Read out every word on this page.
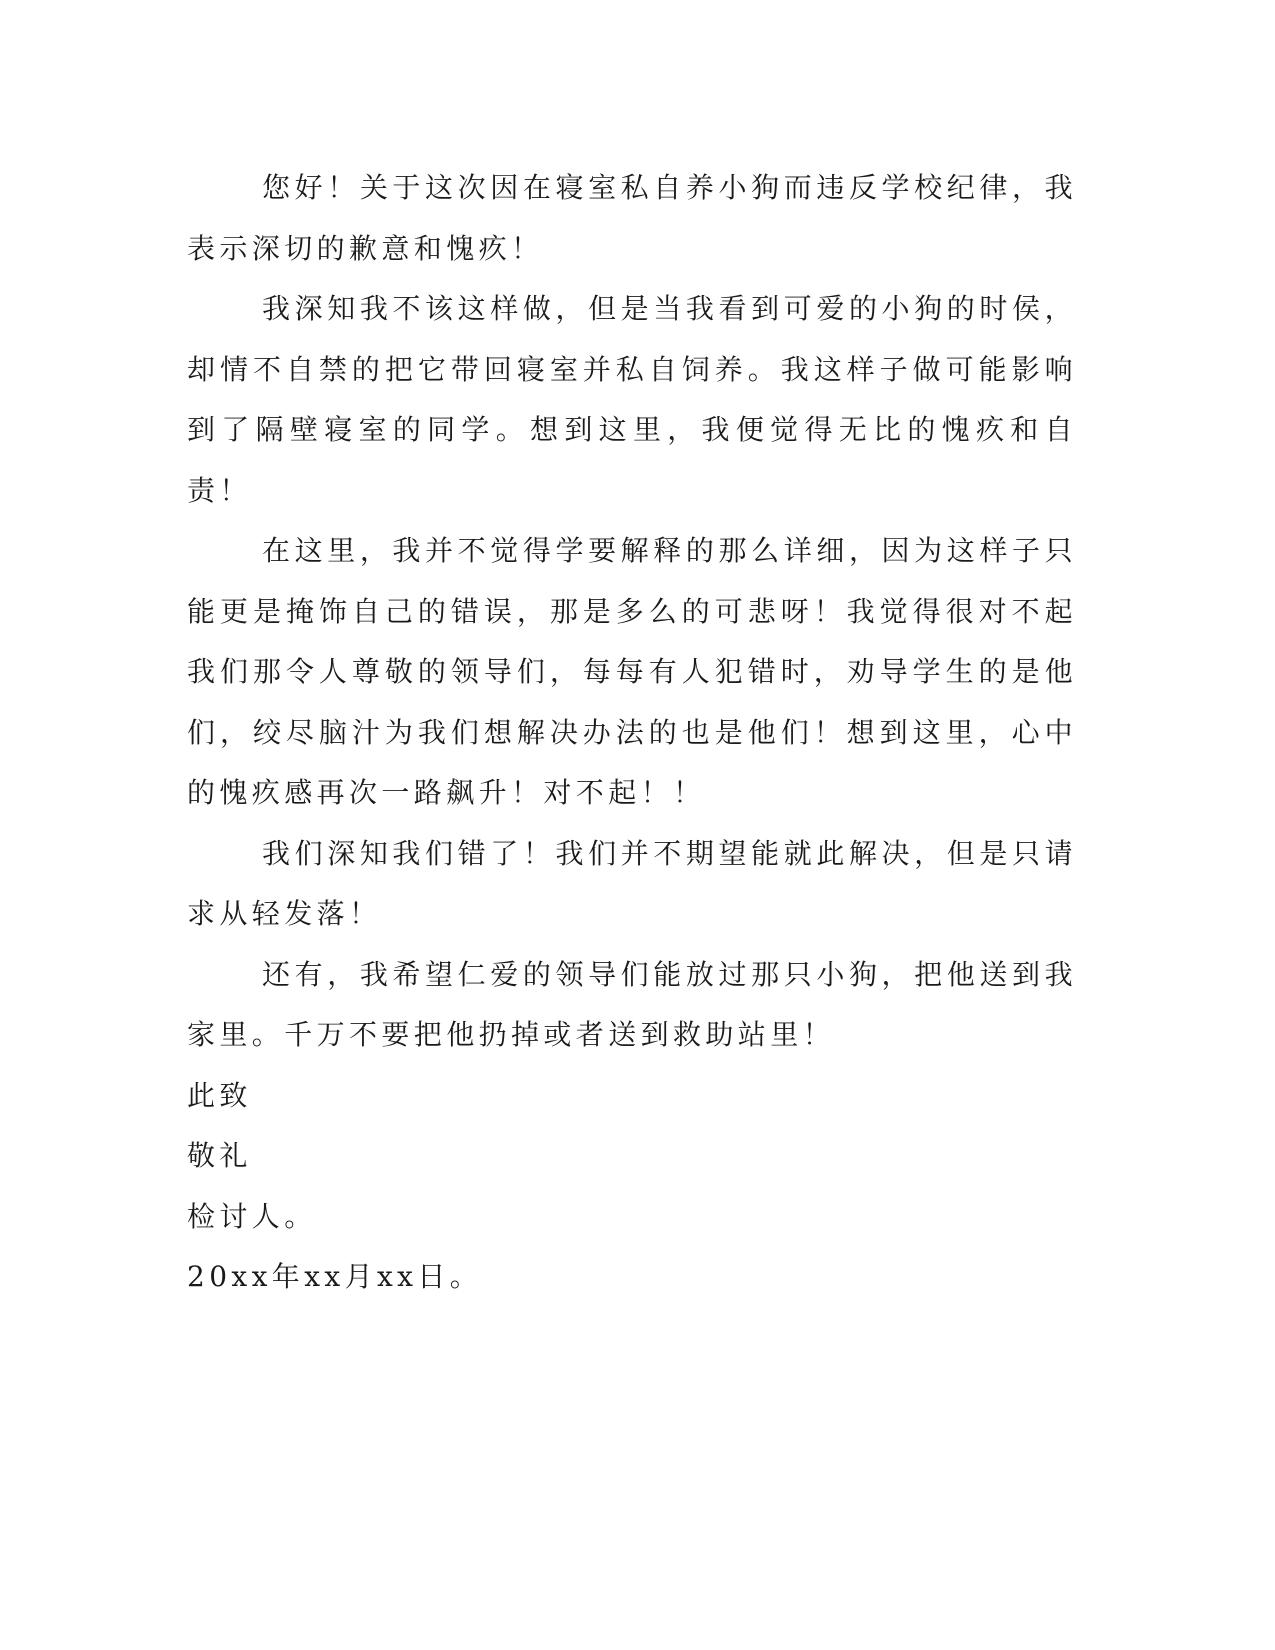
您好！关于这次因在寝室私自养小狗而违反学校纪律，我表示深切的歉意和愧疚！

我深知我不该这样做，但是当我看到可爱的小狗的时侯，却情不自禁的把它带回寝室并私自饲养。我这样子做可能影响到了隔壁寝室的同学。想到这里，我便觉得无比的愧疚和自责！

在这里，我并不觉得学要解释的那么详细，因为这样子只能更是掩饰自己的错误，那是多么的可悲呀！我觉得很对不起我们那令人尊敬的领导们，每每有人犯错时，劝导学生的是他们，绞尽脑汁为我们想解决办法的也是他们！想到这里，心中的愧疚感再次一路飙升！对不起！！

我们深知我们错了！我们并不期望能就此解决，但是只请求从轻发落！

还有，我希望仁爱的领导们能放过那只小狗，把他送到我家里。千万不要把他扔掉或者送到救助站里！

此致

敬礼

检讨人。

20xx年xx月xx日。
